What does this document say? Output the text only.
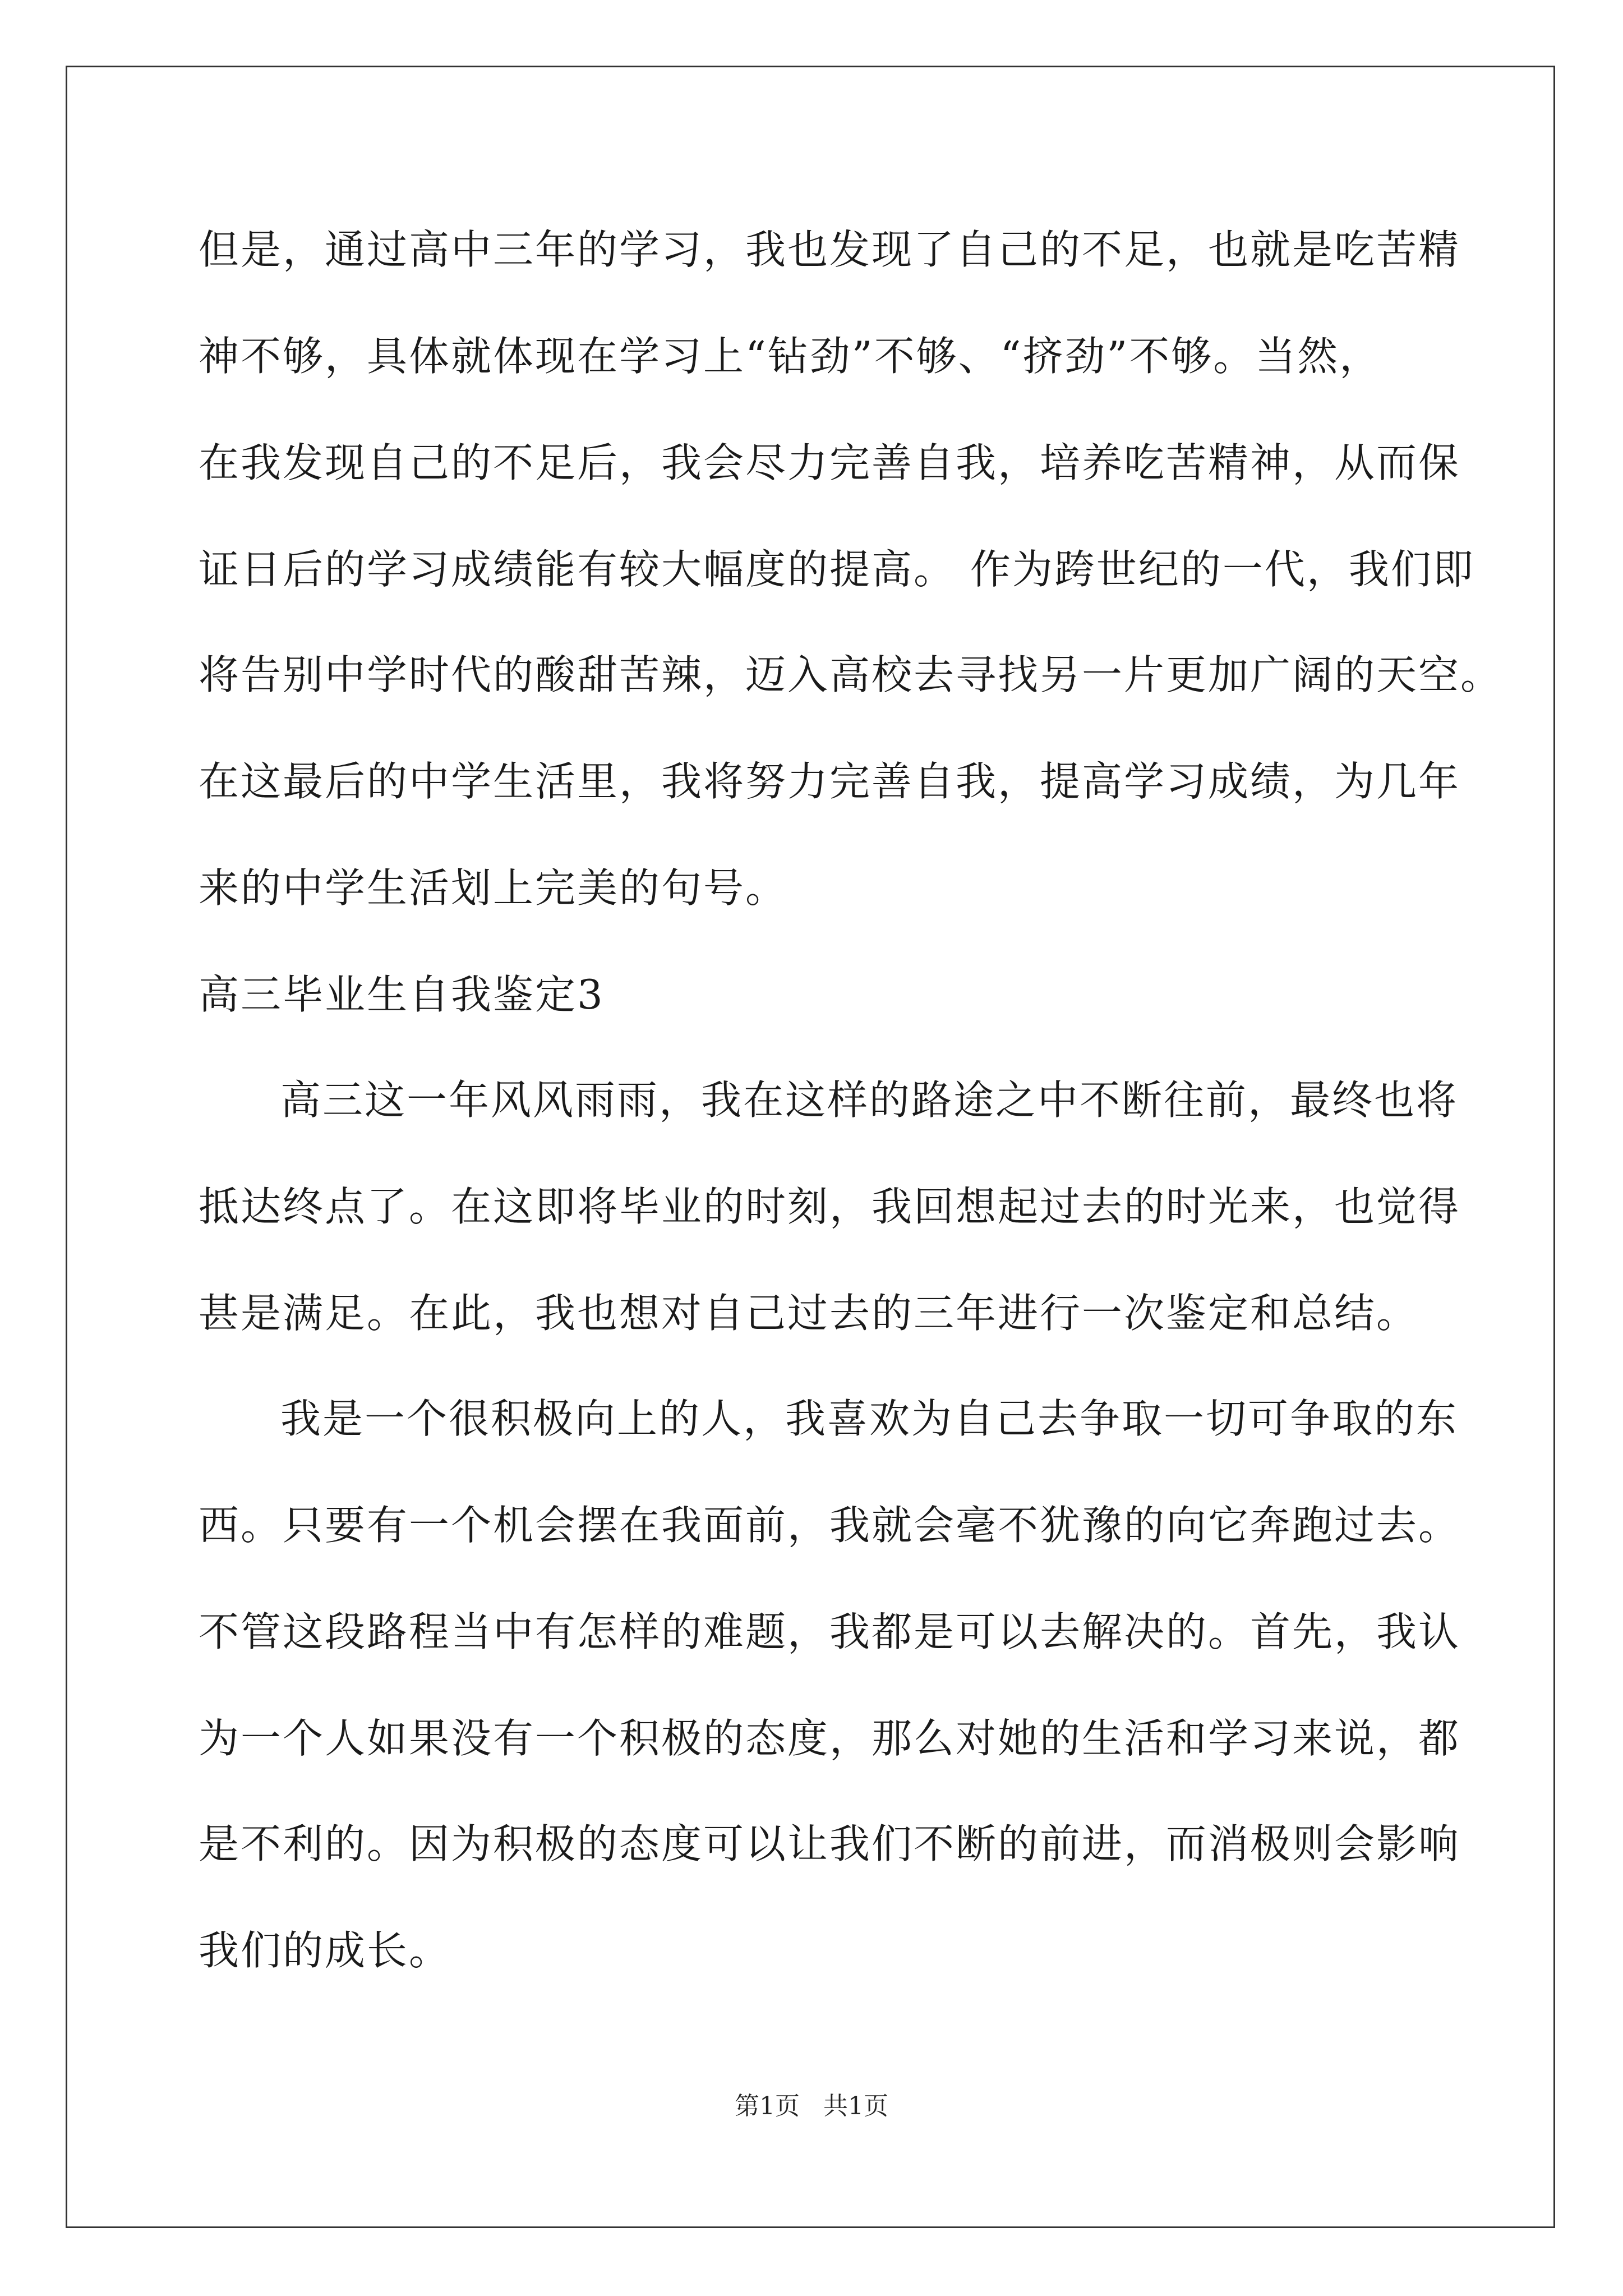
但是，通过高中三年的学习，我也发现了自己的不足，也就是吃苦精
神不够，具体就体现在学习上“钻劲”不够、“挤劲”不够。当然，
在我发现自己的不足后，我会尽力完善自我，培养吃苦精神，从而保
证日后的学习成绩能有较大幅度的提高。 作为跨世纪的一代，我们即
将告别中学时代的酸甜苦辣，迈入高校去寻找另一片更加广阔的天空。
在这最后的中学生活里，我将努力完善自我，提高学习成绩，为几年
来的中学生活划上完美的句号。
高三毕业生自我鉴定3
高三这一年风风雨雨，我在这样的路途之中不断往前，最终也将
抵达终点了。在这即将毕业的时刻，我回想起过去的时光来，也觉得
甚是满足。在此，我也想对自己过去的三年进行一次鉴定和总结。
我是一个很积极向上的人，我喜欢为自己去争取一切可争取的东
西。只要有一个机会摆在我面前，我就会毫不犹豫的向它奔跑过去。
不管这段路程当中有怎样的难题，我都是可以去解决的。首先，我认
为一个人如果没有一个积极的态度，那么对她的生活和学习来说，都
是不利的。因为积极的态度可以让我们不断的前进，而消极则会影响
我们的成长。
第1页   共1页
